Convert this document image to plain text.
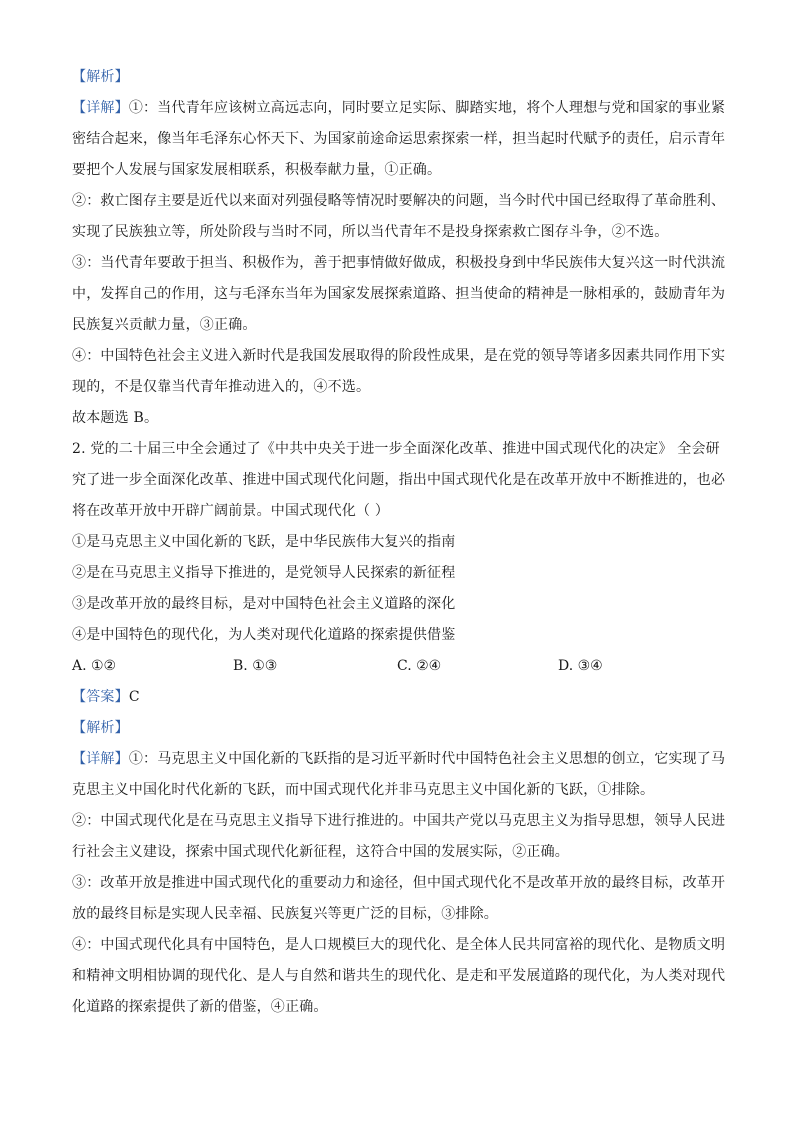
【解析】
【详解】①：当代青年应该树立高远志向，同时要立足实际、脚踏实地，将个人理想与党和国家的事业紧
密结合起来，像当年毛泽东心怀天下、为国家前途命运思索探索一样，担当起时代赋予的责任，启示青年
要把个人发展与国家发展相联系，积极奉献力量，①正确。
②：救亡图存主要是近代以来面对列强侵略等情况时要解决的问题，当今时代中国已经取得了革命胜利、
实现了民族独立等，所处阶段与当时不同，所以当代青年不是投身探索救亡图存斗争，②不选。
③：当代青年要敢于担当、积极作为，善于把事情做好做成，积极投身到中华民族伟大复兴这一时代洪流
中，发挥自己的作用，这与毛泽东当年为国家发展探索道路、担当使命的精神是一脉相承的，鼓励青年为
民族复兴贡献力量，③正确。
④：中国特色社会主义进入新时代是我国发展取得的阶段性成果，是在党的领导等诸多因素共同作用下实
现的，不是仅靠当代青年推动进入的，④不选。
故本题选 B。
2. 党的二十届三中全会通过了《中共中央关于进一步全面深化改革、推进中国式现代化的决定》 全会研
究了进一步全面深化改革、推进中国式现代化问题，指出中国式现代化是在改革开放中不断推进的，也必
将在改革开放中开辟广阔前景。中国式现代化（ ）
①是马克思主义中国化新的飞跃，是中华民族伟大复兴的指南
②是在马克思主义指导下推进的，是党领导人民探索的新征程
③是改革开放的最终目标，是对中国特色社会主义道路的深化
④是中国特色的现代化，为人类对现代化道路的探索提供借鉴
A. ①②	B. ①③	C. ②④	D. ③④
【答案】C
【解析】
【详解】①：马克思主义中国化新的飞跃指的是习近平新时代中国特色社会主义思想的创立，它实现了马
克思主义中国化时代化新的飞跃，而中国式现代化并非马克思主义中国化新的飞跃，①排除。
②：中国式现代化是在马克思主义指导下进行推进的。中国共产党以马克思主义为指导思想，领导人民进
行社会主义建设，探索中国式现代化新征程，这符合中国的发展实际，②正确。
③：改革开放是推进中国式现代化的重要动力和途径，但中国式现代化不是改革开放的最终目标，改革开
放的最终目标是实现人民幸福、民族复兴等更广泛的目标，③排除。
④：中国式现代化具有中国特色，是人口规模巨大的现代化、是全体人民共同富裕的现代化、是物质文明
和精神文明相协调的现代化、是人与自然和谐共生的现代化、是走和平发展道路的现代化，为人类对现代
化道路的探索提供了新的借鉴，④正确。
